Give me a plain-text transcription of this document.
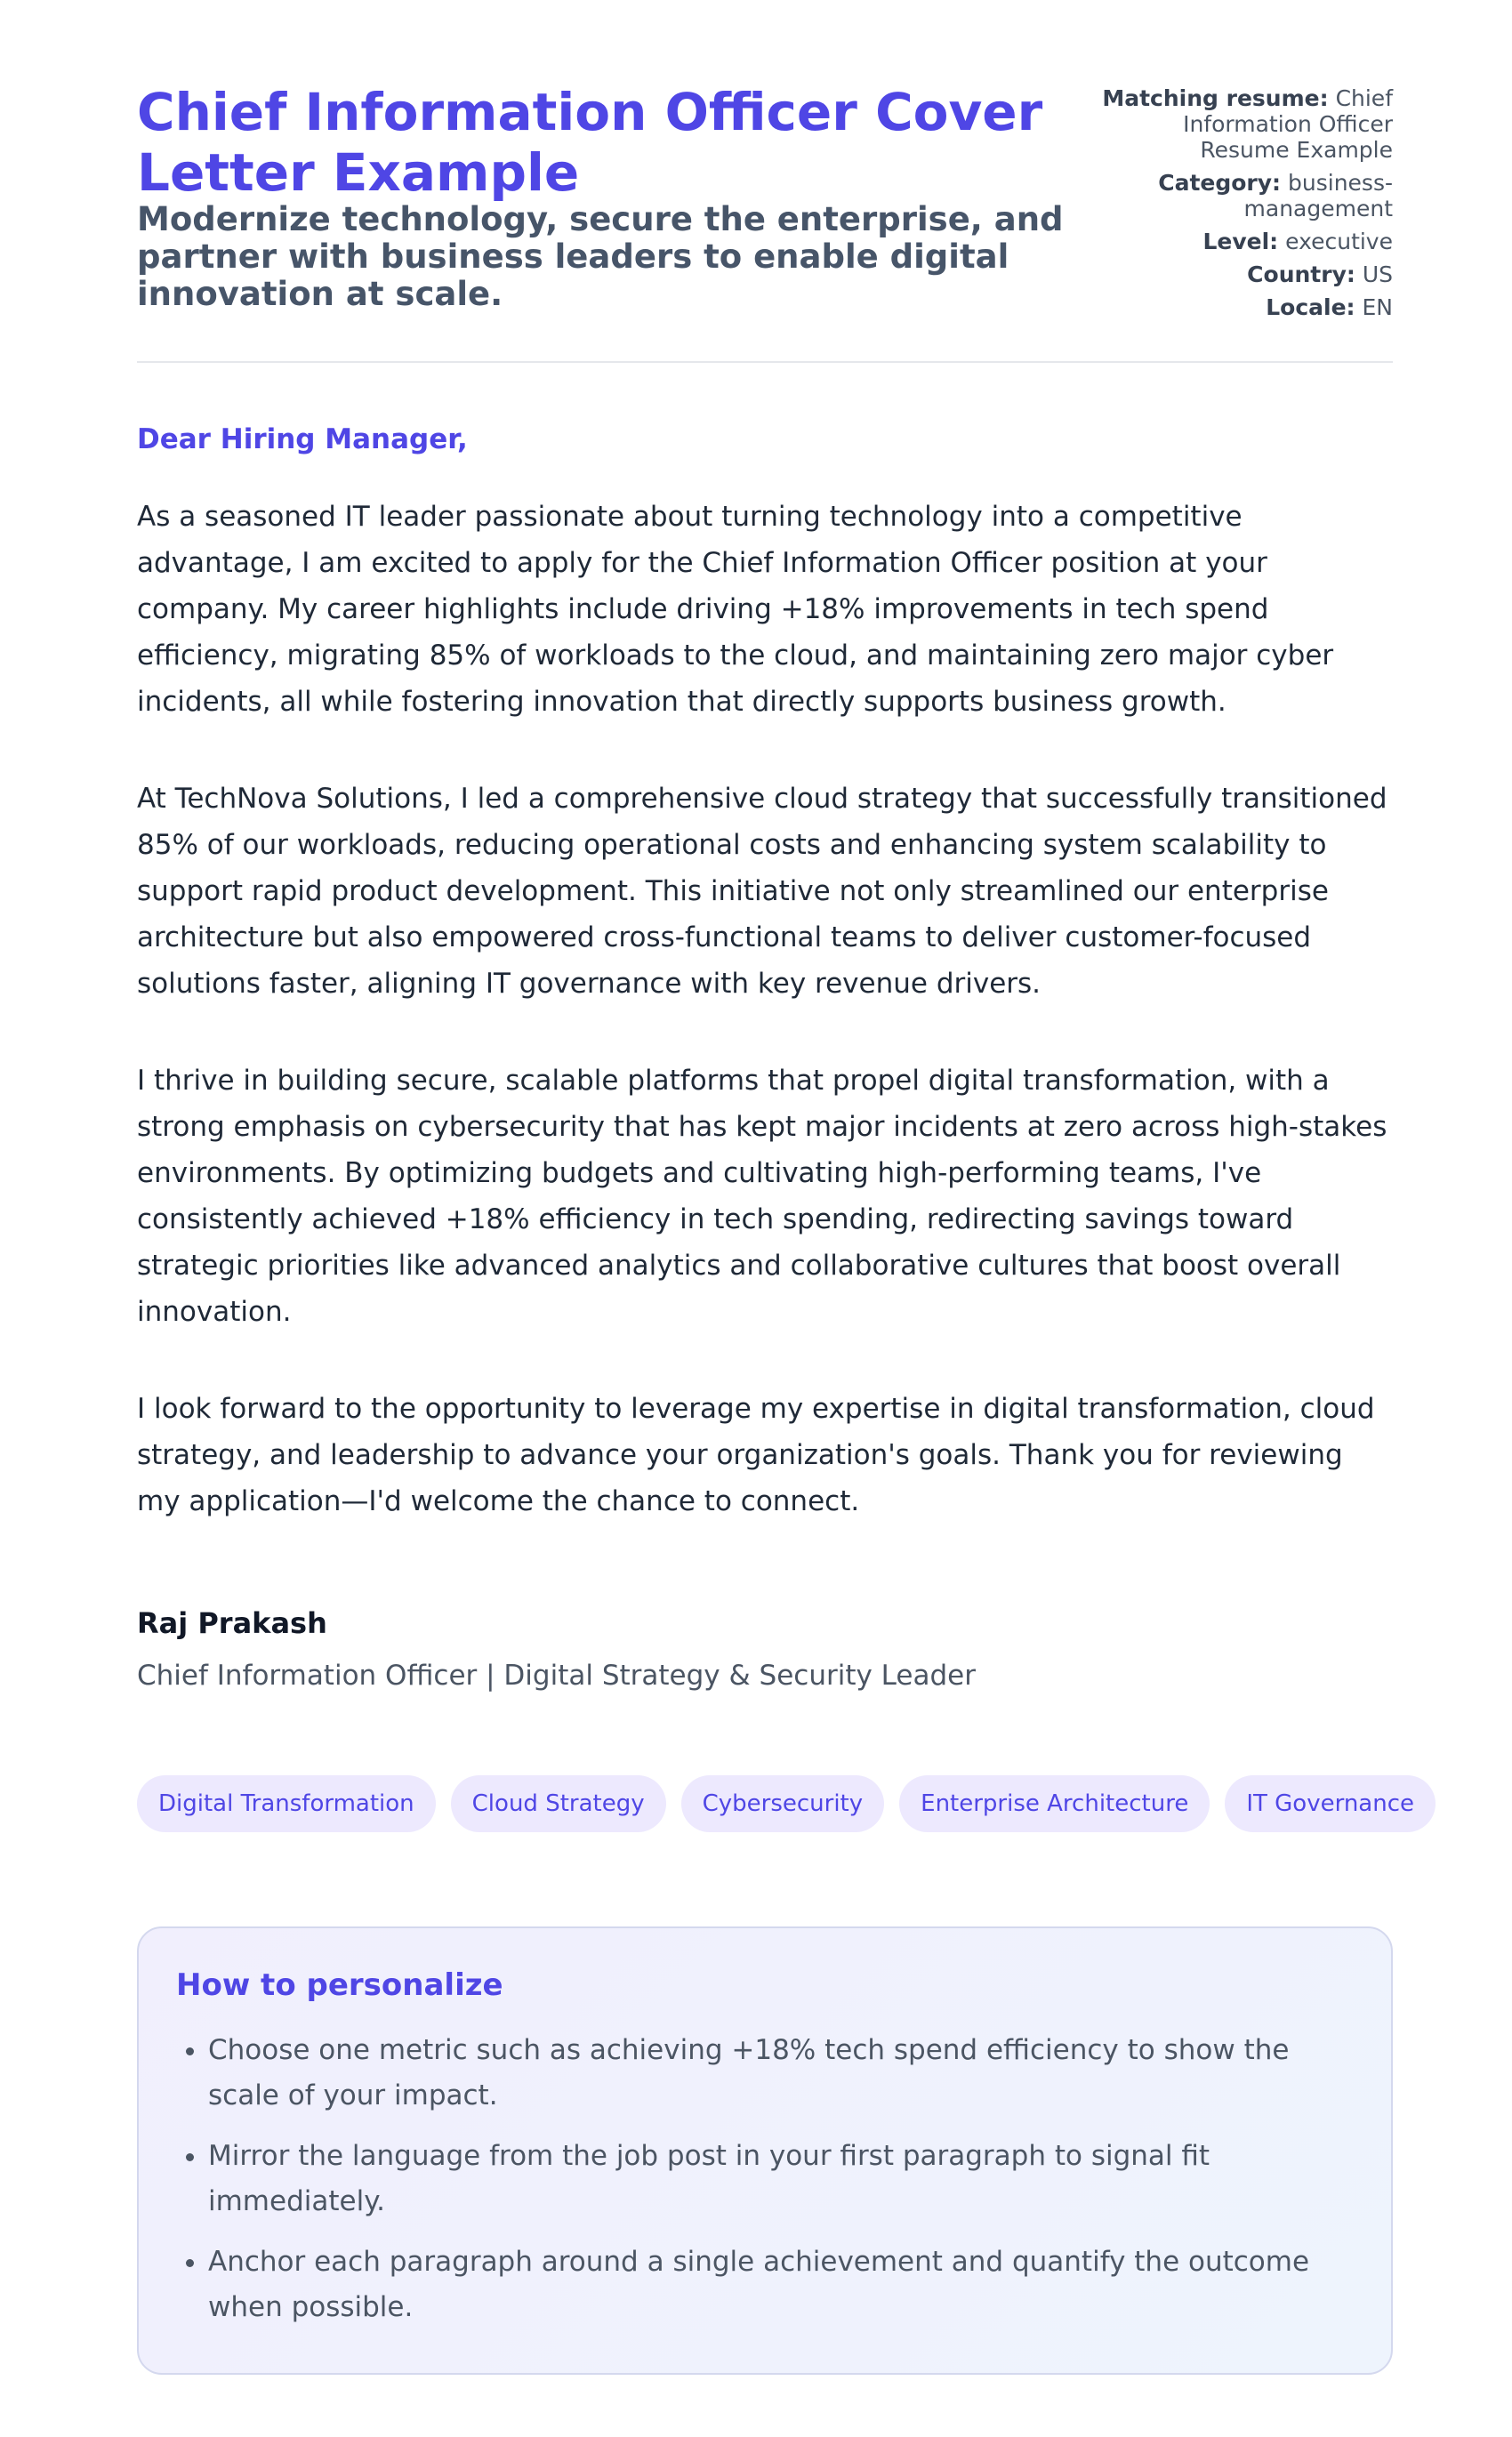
Chief Information Officer Cover Letter Example
Modernize technology, secure the enterprise, and partner with business leaders to enable digital innovation at scale.
Matching resume: Chief Information Officer Resume Example
Category: business-management
Level: executive
Country: US
Locale: EN

Dear Hiring Manager,

As a seasoned IT leader passionate about turning technology into a competitive advantage, I am excited to apply for the Chief Information Officer position at your company. My career highlights include driving +18% improvements in tech spend efficiency, migrating 85% of workloads to the cloud, and maintaining zero major cyber incidents, all while fostering innovation that directly supports business growth.

At TechNova Solutions, I led a comprehensive cloud strategy that successfully transitioned 85% of our workloads, reducing operational costs and enhancing system scalability to support rapid product development. This initiative not only streamlined our enterprise architecture but also empowered cross-functional teams to deliver customer-focused solutions faster, aligning IT governance with key revenue drivers.

I thrive in building secure, scalable platforms that propel digital transformation, with a strong emphasis on cybersecurity that has kept major incidents at zero across high-stakes environments. By optimizing budgets and cultivating high-performing teams, I've consistently achieved +18% efficiency in tech spending, redirecting savings toward strategic priorities like advanced analytics and collaborative cultures that boost overall innovation.

I look forward to the opportunity to leverage my expertise in digital transformation, cloud strategy, and leadership to advance your organization's goals. Thank you for reviewing my application—I'd welcome the chance to connect.

Raj Prakash
Chief Information Officer | Digital Strategy & Security Leader
Digital Transformation	Cloud Strategy	Cybersecurity	Enterprise Architecture	IT Governance
How to personalize
• Choose one metric such as achieving +18% tech spend efficiency to show the scale of your impact.
• Mirror the language from the job post in your first paragraph to signal fit immediately.
• Anchor each paragraph around a single achievement and quantify the outcome when possible.
